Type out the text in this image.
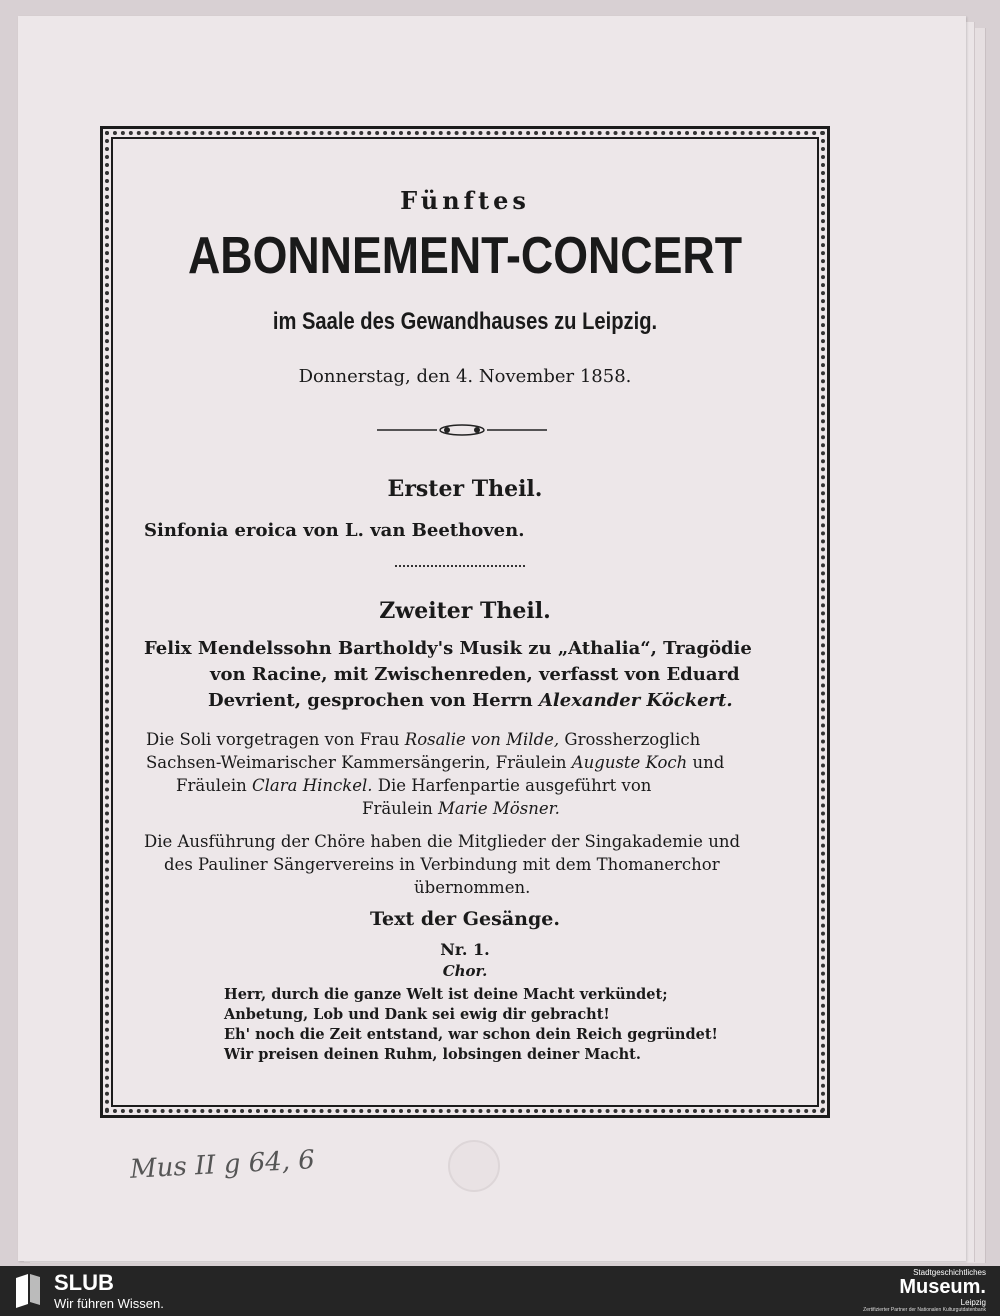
Fünftes
ABONNEMENT-CONCERT
im Saale des Gewandhauses zu Leipzig.
Donnerstag, den 4. November 1858.
Erster Theil.
Sinfonia eroica von L. van Beethoven.
Zweiter Theil.
Felix Mendelssohn Bartholdy's Musik zu „Athalia“, Tragödie
von Racine, mit Zwischenreden, verfasst von Eduard
Devrient, gesprochen von Herrn Alexander Köckert.
Die Soli vorgetragen von Frau Rosalie von Milde, Grossherzoglich
Sachsen-Weimarischer Kammersängerin, Fräulein Auguste Koch und
Fräulein Clara Hinckel. Die Harfenpartie ausgeführt von
Fräulein Marie Mösner.
Die Ausführung der Chöre haben die Mitglieder der Singakademie und
des Pauliner Sängervereins in Verbindung mit dem Thomanerchor
übernommen.
Text der Gesänge.
Nr. 1.
Chor.
Herr, durch die ganze Welt ist deine Macht verkündet;
Anbetung, Lob und Dank sei ewig dir gebracht!
Eh' noch die Zeit entstand, war schon dein Reich gegründet!
Wir preisen deinen Ruhm, lobsingen deiner Macht.
Mus II g 64, 6
SLUB
Wir führen Wissen.
Stadtgeschichtliches
Museum.
Leipzig
Zertifizierter Partner der Nationalen Kulturgutdatenbank
